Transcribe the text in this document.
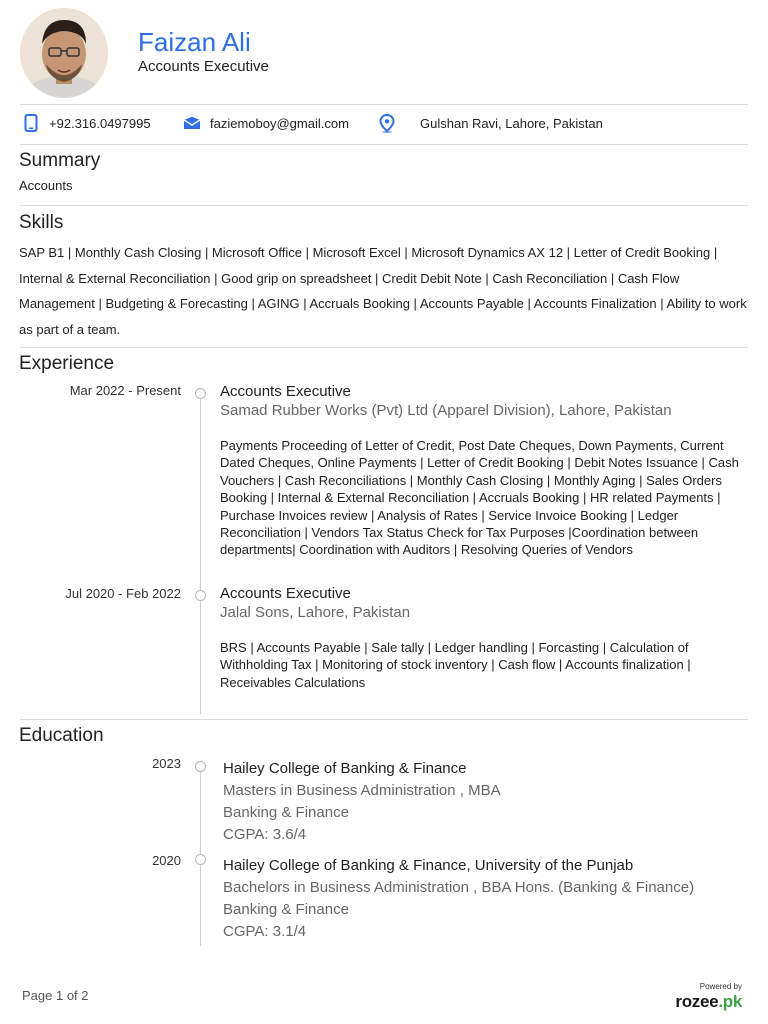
Faizan Ali
Accounts Executive
+92.316.0497995	faziemoboy@gmail.com	Gulshan Ravi, Lahore, Pakistan
Summary
Accounts
Skills
SAP B1 | Monthly Cash Closing | Microsoft Office | Microsoft Excel | Microsoft Dynamics AX 12 | Letter of Credit Booking | Internal & External Reconciliation | Good grip on spreadsheet | Credit Debit Note | Cash Reconciliation | Cash Flow Management | Budgeting & Forecasting | AGING | Accruals Booking | Accounts Payable | Accounts Finalization | Ability to work as part of a team.
Experience
Mar 2022 - Present	Accounts Executive
Samad Rubber Works (Pvt) Ltd (Apparel Division), Lahore, Pakistan
Payments Proceeding of Letter of Credit, Post Date Cheques, Down Payments, Current Dated Cheques, Online Payments | Letter of Credit Booking | Debit Notes Issuance | Cash Vouchers | Cash Reconciliations | Monthly Cash Closing | Monthly Aging | Sales Orders Booking | Internal & External Reconciliation | Accruals Booking | HR related Payments | Purchase Invoices review | Analysis of Rates | Service Invoice Booking | Ledger Reconciliation | Vendors Tax Status Check for Tax Purposes |Coordination between departments| Coordination with Auditors | Resolving Queries of Vendors
Jul 2020 - Feb 2022	Accounts Executive
Jalal Sons, Lahore, Pakistan
BRS | Accounts Payable | Sale tally | Ledger handling | Forcasting | Calculation of Withholding Tax | Monitoring of stock inventory | Cash flow | Accounts finalization | Receivables Calculations
Education
2023	Hailey College of Banking & Finance
Masters in Business Administration , MBA
Banking & Finance
CGPA: 3.6/4
2020	Hailey College of Banking & Finance, University of the Punjab
Bachelors in Business Administration , BBA Hons. (Banking & Finance)
Banking & Finance
CGPA: 3.1/4
Page 1 of 2
Powered by
rozee.pk
